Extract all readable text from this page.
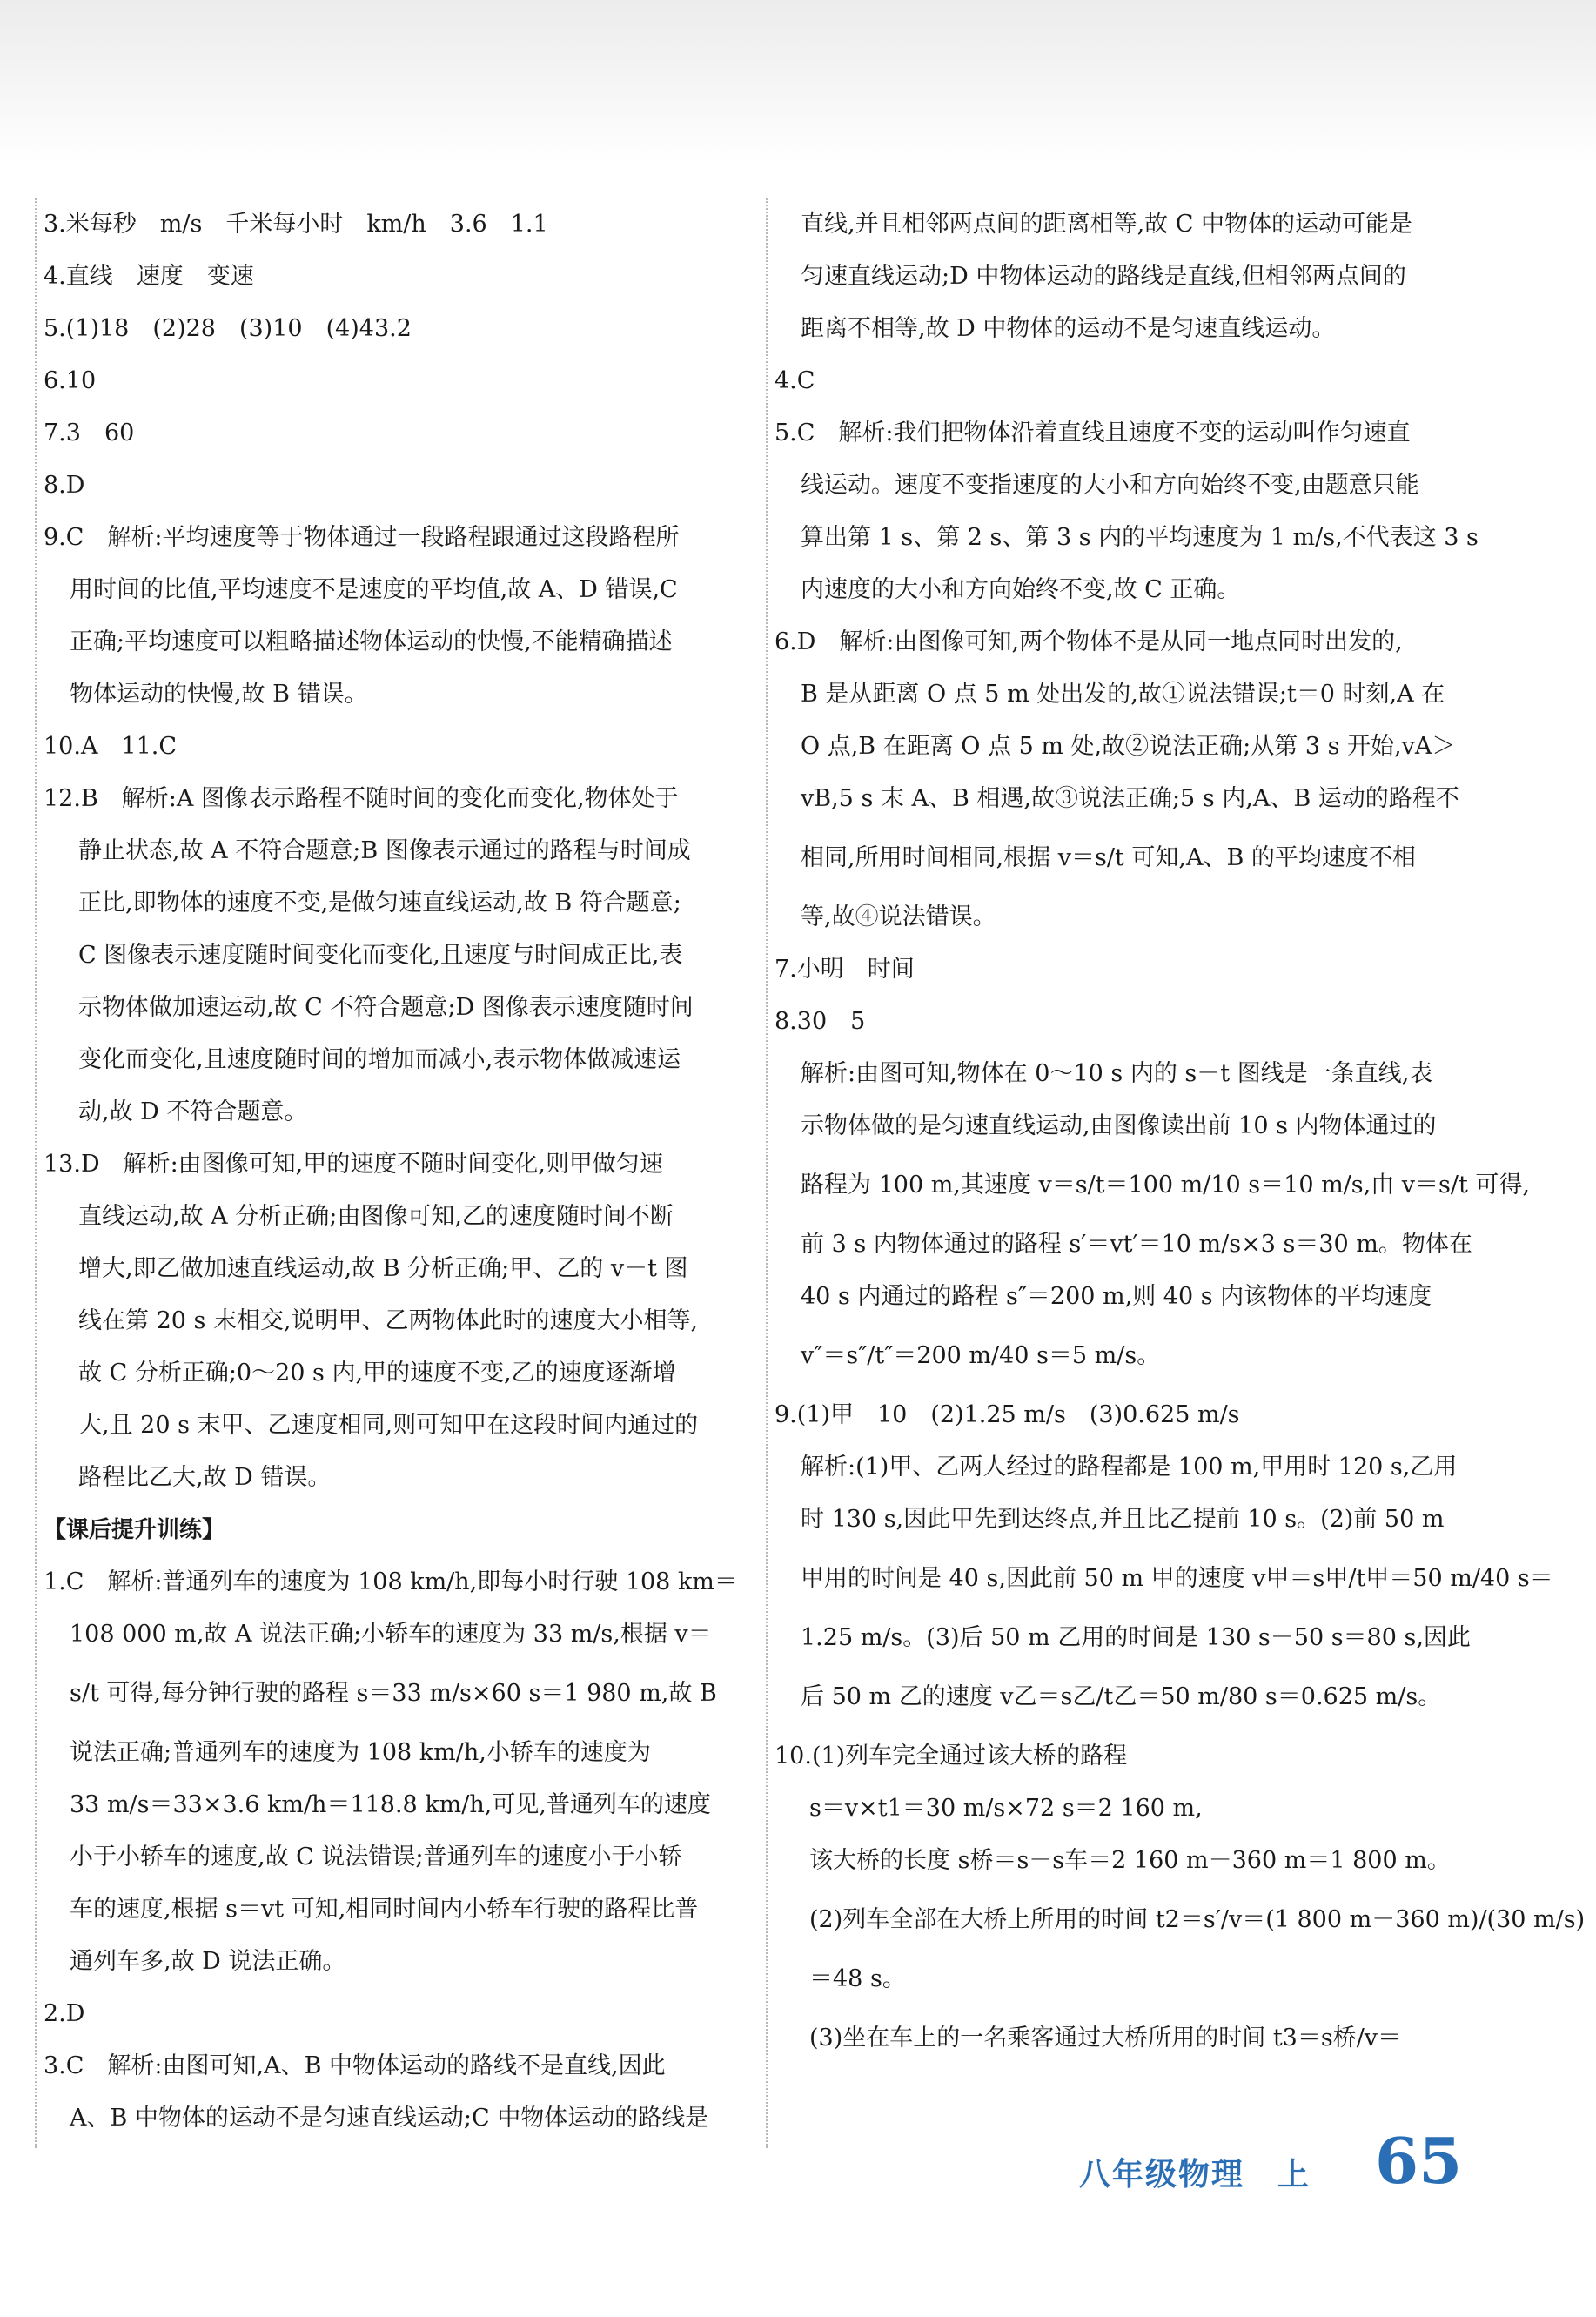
3.米每秒　m/s　千米每小时　km/h　3.6　1.1
4.直线　速度　变速
5.(1)18　(2)28　(3)10　(4)43.2
6.10
7.3　60
8.D
9.C　解析:平均速度等于物体通过一段路程跟通过这段路程所
用时间的比值,平均速度不是速度的平均值,故 A、D 错误,C
正确;平均速度可以粗略描述物体运动的快慢,不能精确描述
物体运动的快慢,故 B 错误。
10.A　11.C
12.B　解析:A 图像表示路程不随时间的变化而变化,物体处于
静止状态,故 A 不符合题意;B 图像表示通过的路程与时间成
正比,即物体的速度不变,是做匀速直线运动,故 B 符合题意;
C 图像表示速度随时间变化而变化,且速度与时间成正比,表
示物体做加速运动,故 C 不符合题意;D 图像表示速度随时间
变化而变化,且速度随时间的增加而减小,表示物体做减速运
动,故 D 不符合题意。
13.D　解析:由图像可知,甲的速度不随时间变化,则甲做匀速
直线运动,故 A 分析正确;由图像可知,乙的速度随时间不断
增大,即乙做加速直线运动,故 B 分析正确;甲、乙的 v－t 图
线在第 20 s 末相交,说明甲、乙两物体此时的速度大小相等,
故 C 分析正确;0～20 s 内,甲的速度不变,乙的速度逐渐增
大,且 20 s 末甲、乙速度相同,则可知甲在这段时间内通过的
路程比乙大,故 D 错误。
【课后提升训练】
1.C　解析:普通列车的速度为 108 km/h,即每小时行驶 108 km＝
108 000 m,故 A 说法正确;小轿车的速度为 33 m/s,根据 v＝
s/t 可得,每分钟行驶的路程 s＝33 m/s×60 s＝1 980 m,故 B
说法正确;普通列车的速度为 108 km/h,小轿车的速度为
33 m/s＝33×3.6 km/h＝118.8 km/h,可见,普通列车的速度
小于小轿车的速度,故 C 说法错误;普通列车的速度小于小轿
车的速度,根据 s＝vt 可知,相同时间内小轿车行驶的路程比普
通列车多,故 D 说法正确。
2.D
3.C　解析:由图可知,A、B 中物体运动的路线不是直线,因此
A、B 中物体的运动不是匀速直线运动;C 中物体运动的路线是
直线,并且相邻两点间的距离相等,故 C 中物体的运动可能是
匀速直线运动;D 中物体运动的路线是直线,但相邻两点间的
距离不相等,故 D 中物体的运动不是匀速直线运动。
4.C
5.C　解析:我们把物体沿着直线且速度不变的运动叫作匀速直
线运动。速度不变指速度的大小和方向始终不变,由题意只能
算出第 1 s、第 2 s、第 3 s 内的平均速度为 1 m/s,不代表这 3 s
内速度的大小和方向始终不变,故 C 正确。
6.D　解析:由图像可知,两个物体不是从同一地点同时出发的,
B 是从距离 O 点 5 m 处出发的,故①说法错误;t＝0 时刻,A 在
O 点,B 在距离 O 点 5 m 处,故②说法正确;从第 3 s 开始,vA＞
vB,5 s 末 A、B 相遇,故③说法正确;5 s 内,A、B 运动的路程不
相同,所用时间相同,根据 v＝s/t 可知,A、B 的平均速度不相
等,故④说法错误。
7.小明　时间
8.30　5
解析:由图可知,物体在 0～10 s 内的 s－t 图线是一条直线,表
示物体做的是匀速直线运动,由图像读出前 10 s 内物体通过的
路程为 100 m,其速度 v＝s/t＝100 m/10 s＝10 m/s,由 v＝s/t 可得,
前 3 s 内物体通过的路程 s′＝vt′＝10 m/s×3 s＝30 m。物体在
40 s 内通过的路程 s″＝200 m,则 40 s 内该物体的平均速度
v″＝s″/t″＝200 m/40 s＝5 m/s。
9.(1)甲　10　(2)1.25 m/s　(3)0.625 m/s
解析:(1)甲、乙两人经过的路程都是 100 m,甲用时 120 s,乙用
时 130 s,因此甲先到达终点,并且比乙提前 10 s。(2)前 50 m
甲用的时间是 40 s,因此前 50 m 甲的速度 v甲＝s甲/t甲＝50 m/40 s＝
1.25 m/s。(3)后 50 m 乙用的时间是 130 s－50 s＝80 s,因此
后 50 m 乙的速度 v乙＝s乙/t乙＝50 m/80 s＝0.625 m/s。
10.(1)列车完全通过该大桥的路程
s＝v×t1＝30 m/s×72 s＝2 160 m,
该大桥的长度 s桥＝s－s车＝2 160 m－360 m＝1 800 m。
(2)列车全部在大桥上所用的时间 t2＝s′/v＝(1 800 m－360 m)/(30 m/s)
＝48 s。
(3)坐在车上的一名乘客通过大桥所用的时间 t3＝s桥/v＝
八年级物理　上 65
